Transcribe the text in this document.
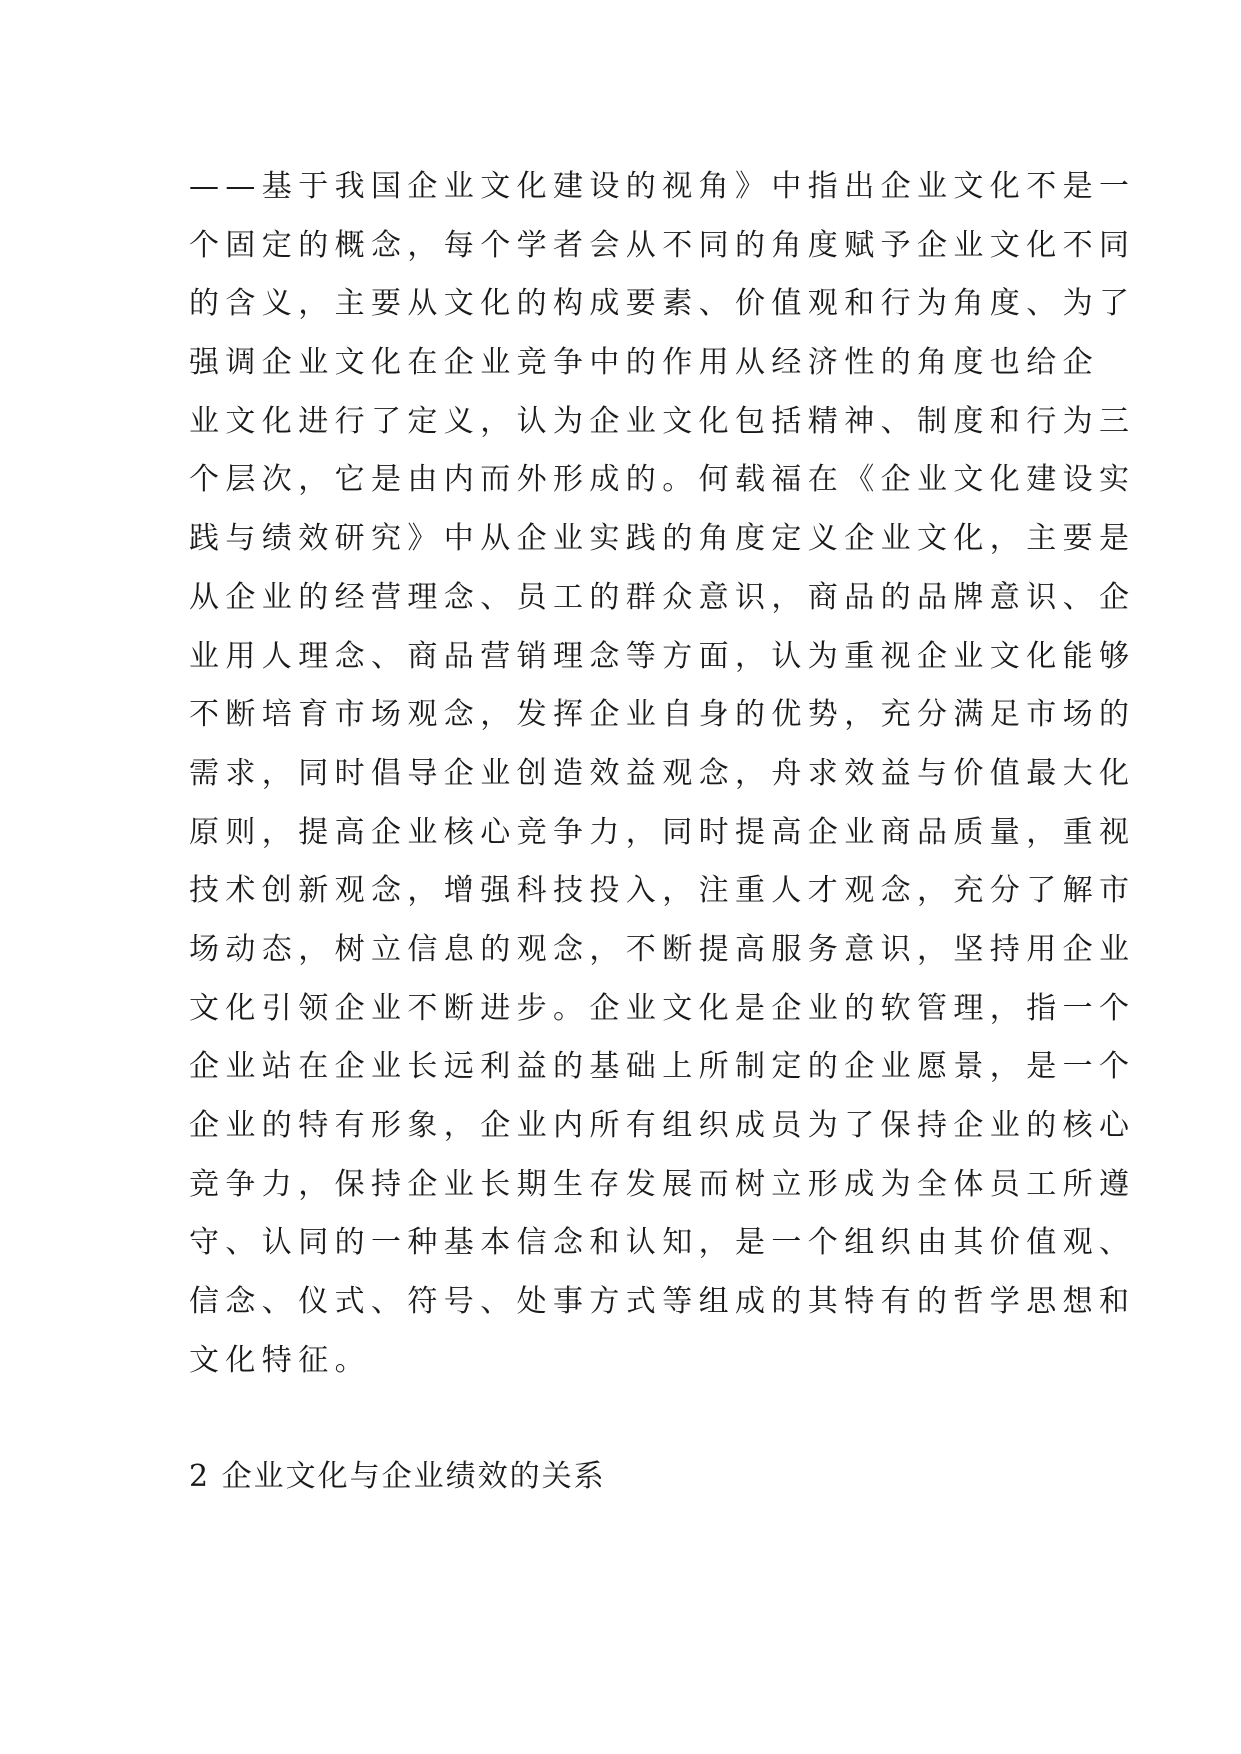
——基于我国企业文化建设的视角》中指出企业文化不是一
个固定的概念，每个学者会从不同的角度赋予企业文化不同
的含义，主要从文化的构成要素、价值观和行为角度、为了
强调企业文化在企业竞争中的作用从经济性的角度也给企
业文化进行了定义，认为企业文化包括精神、制度和行为三
个层次，它是由内而外形成的。何载福在《企业文化建设实
践与绩效研究》中从企业实践的角度定义企业文化，主要是
从企业的经营理念、员工的群众意识，商品的品牌意识、企
业用人理念、商品营销理念等方面，认为重视企业文化能够
不断培育市场观念，发挥企业自身的优势，充分满足市场的
需求，同时倡导企业创造效益观念，舟求效益与价值最大化
原则，提高企业核心竞争力，同时提高企业商品质量，重视
技术创新观念，增强科技投入，注重人才观念，充分了解市
场动态，树立信息的观念，不断提高服务意识，坚持用企业
文化引领企业不断进步。企业文化是企业的软管理，指一个
企业站在企业长远利益的基础上所制定的企业愿景，是一个
企业的特有形象，企业内所有组织成员为了保持企业的核心
竞争力，保持企业长期生存发展而树立形成为全体员工所遵
守、认同的一种基本信念和认知，是一个组织由其价值观、
信念、仪式、符号、处事方式等组成的其特有的哲学思想和
文化特征。
2 企业文化与企业绩效的关系
